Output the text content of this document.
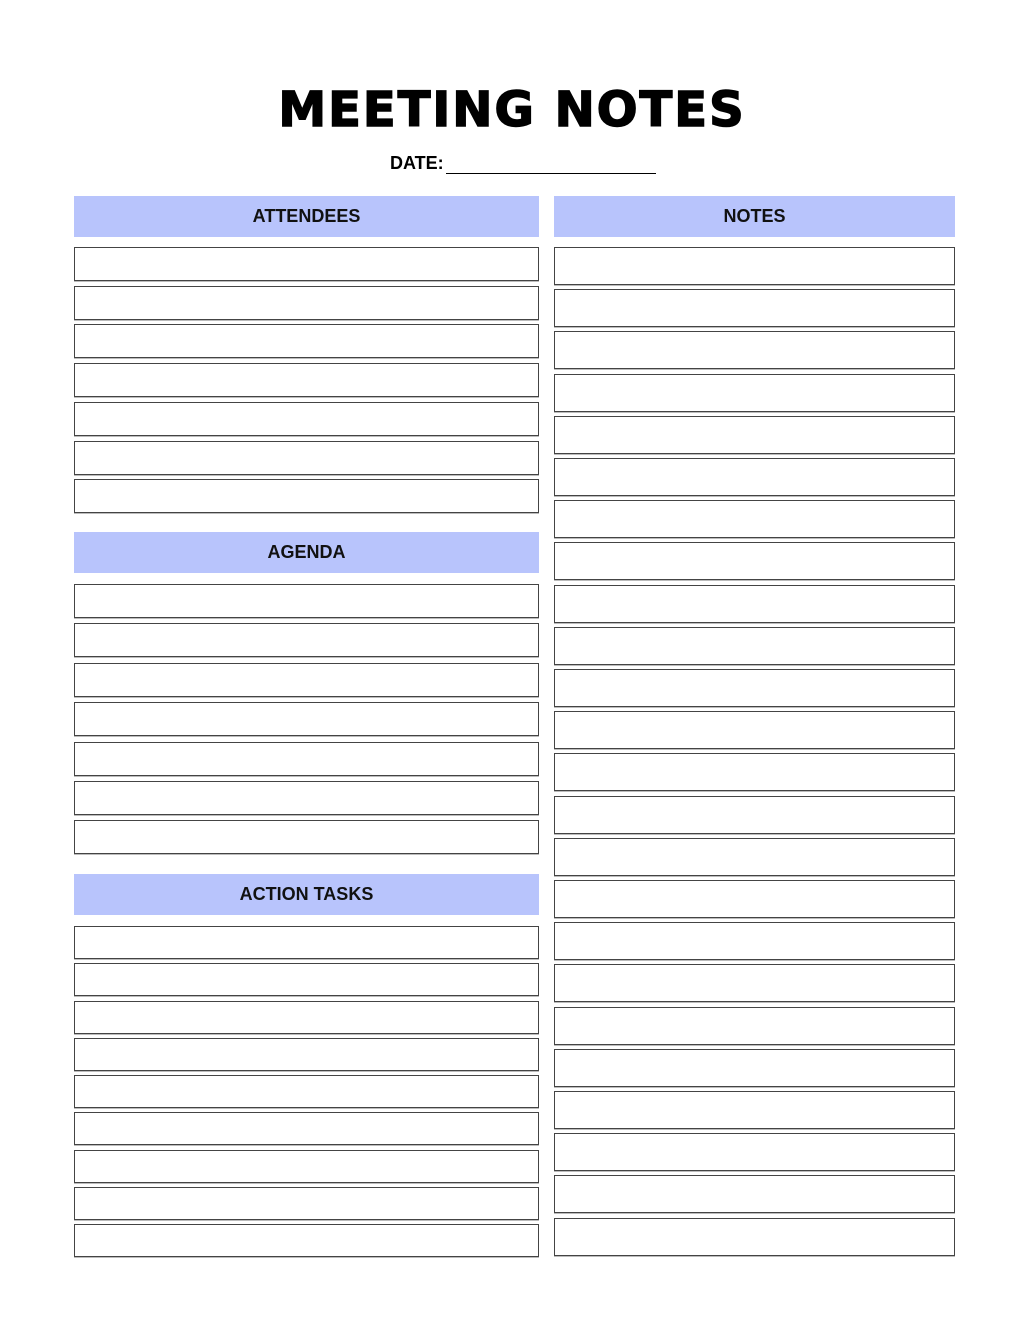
MEETING NOTES
DATE:
ATTENDEES	NOTES
AGENDA
ACTION TASKS
